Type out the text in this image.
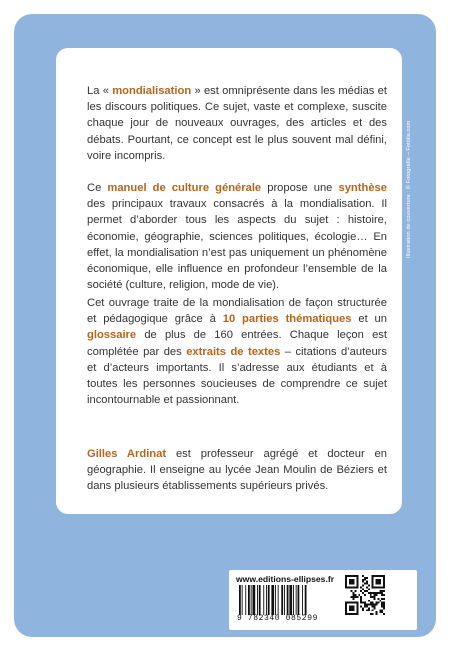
La « mondialisation » est omniprésente dans les médias et les discours politiques. Ce sujet, vaste et complexe, suscite chaque jour de nouveaux ouvrages, des articles et des débats. Pourtant, ce concept est le plus souvent mal défini, voire incompris.

Ce manuel de culture générale propose une synthèse des principaux travaux consacrés à la mondialisation. Il permet d’aborder tous les aspects du sujet : histoire, économie, géographie, sciences politiques, écologie… En effet, la mondialisation n’est pas uniquement un phénomène économique, elle influence en profondeur l’ensemble de la société (culture, religion, mode de vie).

Cet ouvrage traite de la mondialisation de façon structurée et pédagogique grâce à 10 parties thématiques et un glossaire de plus de 160 entrées. Chaque leçon est complétée par des extraits de textes – citations d’auteurs et d’acteurs importants. Il s’adresse aux étudiants et à toutes les personnes soucieuses de comprendre ce sujet incontournable et passionnant.

Gilles Ardinat est professeur agrégé et docteur en géographie. Il enseigne au lycée Jean Moulin de Béziers et dans plusieurs établissements supérieurs privés.

Illustration de couverture : © Fotografie – Fotolia.com
www.editions-ellipses.fr
9 782340 085299
